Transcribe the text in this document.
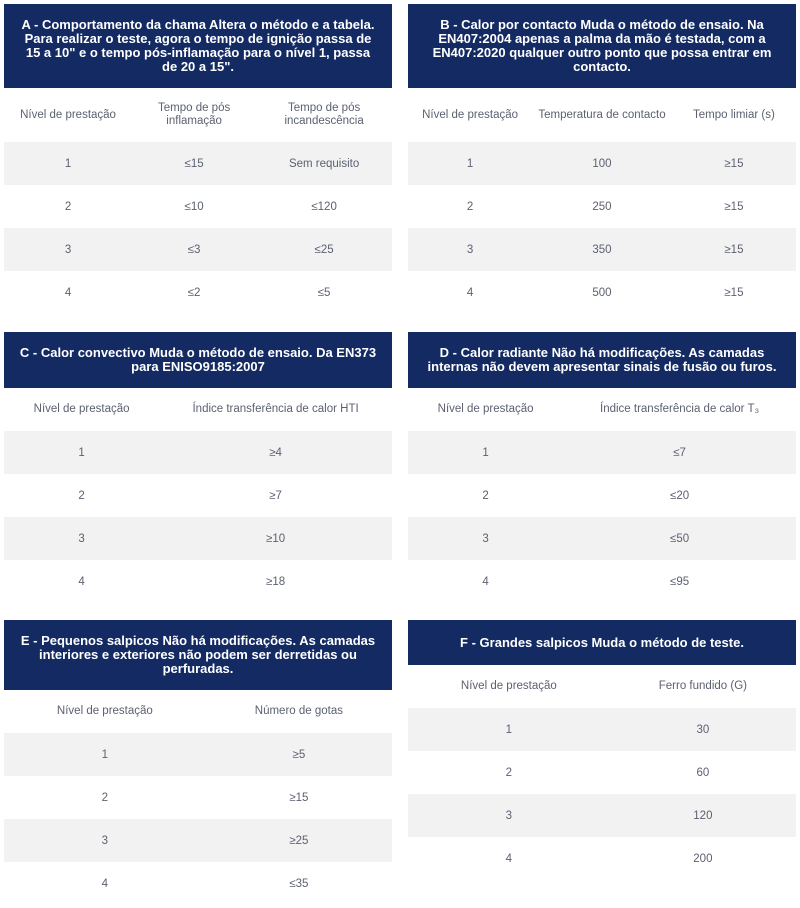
A - Comportamento da chama Altera o método e a tabela. Para realizar o teste, agora o tempo de ignição passa de 15 a 10" e o tempo pós-inflamação para o nível 1, passa de 20 a 15".
Nível de prestação	Tempo de pós inflamação	Tempo de pós incandescência
1	≤15	Sem requisito
2	≤10	≤120
3	≤3	≤25
4	≤2	≤5
B - Calor por contacto Muda o método de ensaio. Na EN407:2004 apenas a palma da mão é testada, com a EN407:2020 qualquer outro ponto que possa entrar em contacto.
Nível de prestação	Temperatura de contacto	Tempo limiar (s)
1	100	≥15
2	250	≥15
3	350	≥15
4	500	≥15
C - Calor convectivo Muda o método de ensaio. Da EN373 para ENISO9185:2007
Nível de prestação	Índice transferência de calor HTI
1	≥4
2	≥7
3	≥10
4	≥18
D - Calor radiante Não há modificações. As camadas internas não devem apresentar sinais de fusão ou furos.
Nível de prestação	Índice transferência de calor T₃
1	≤7
2	≤20
3	≤50
4	≤95
E - Pequenos salpicos Não há modificações. As camadas interiores e exteriores não podem ser derretidas ou perfuradas.
Nível de prestação	Número de gotas
1	≥5
2	≥15
3	≥25
4	≤35
F - Grandes salpicos Muda o método de teste.
Nível de prestação	Ferro fundido (G)
1	30
2	60
3	120
4	200
